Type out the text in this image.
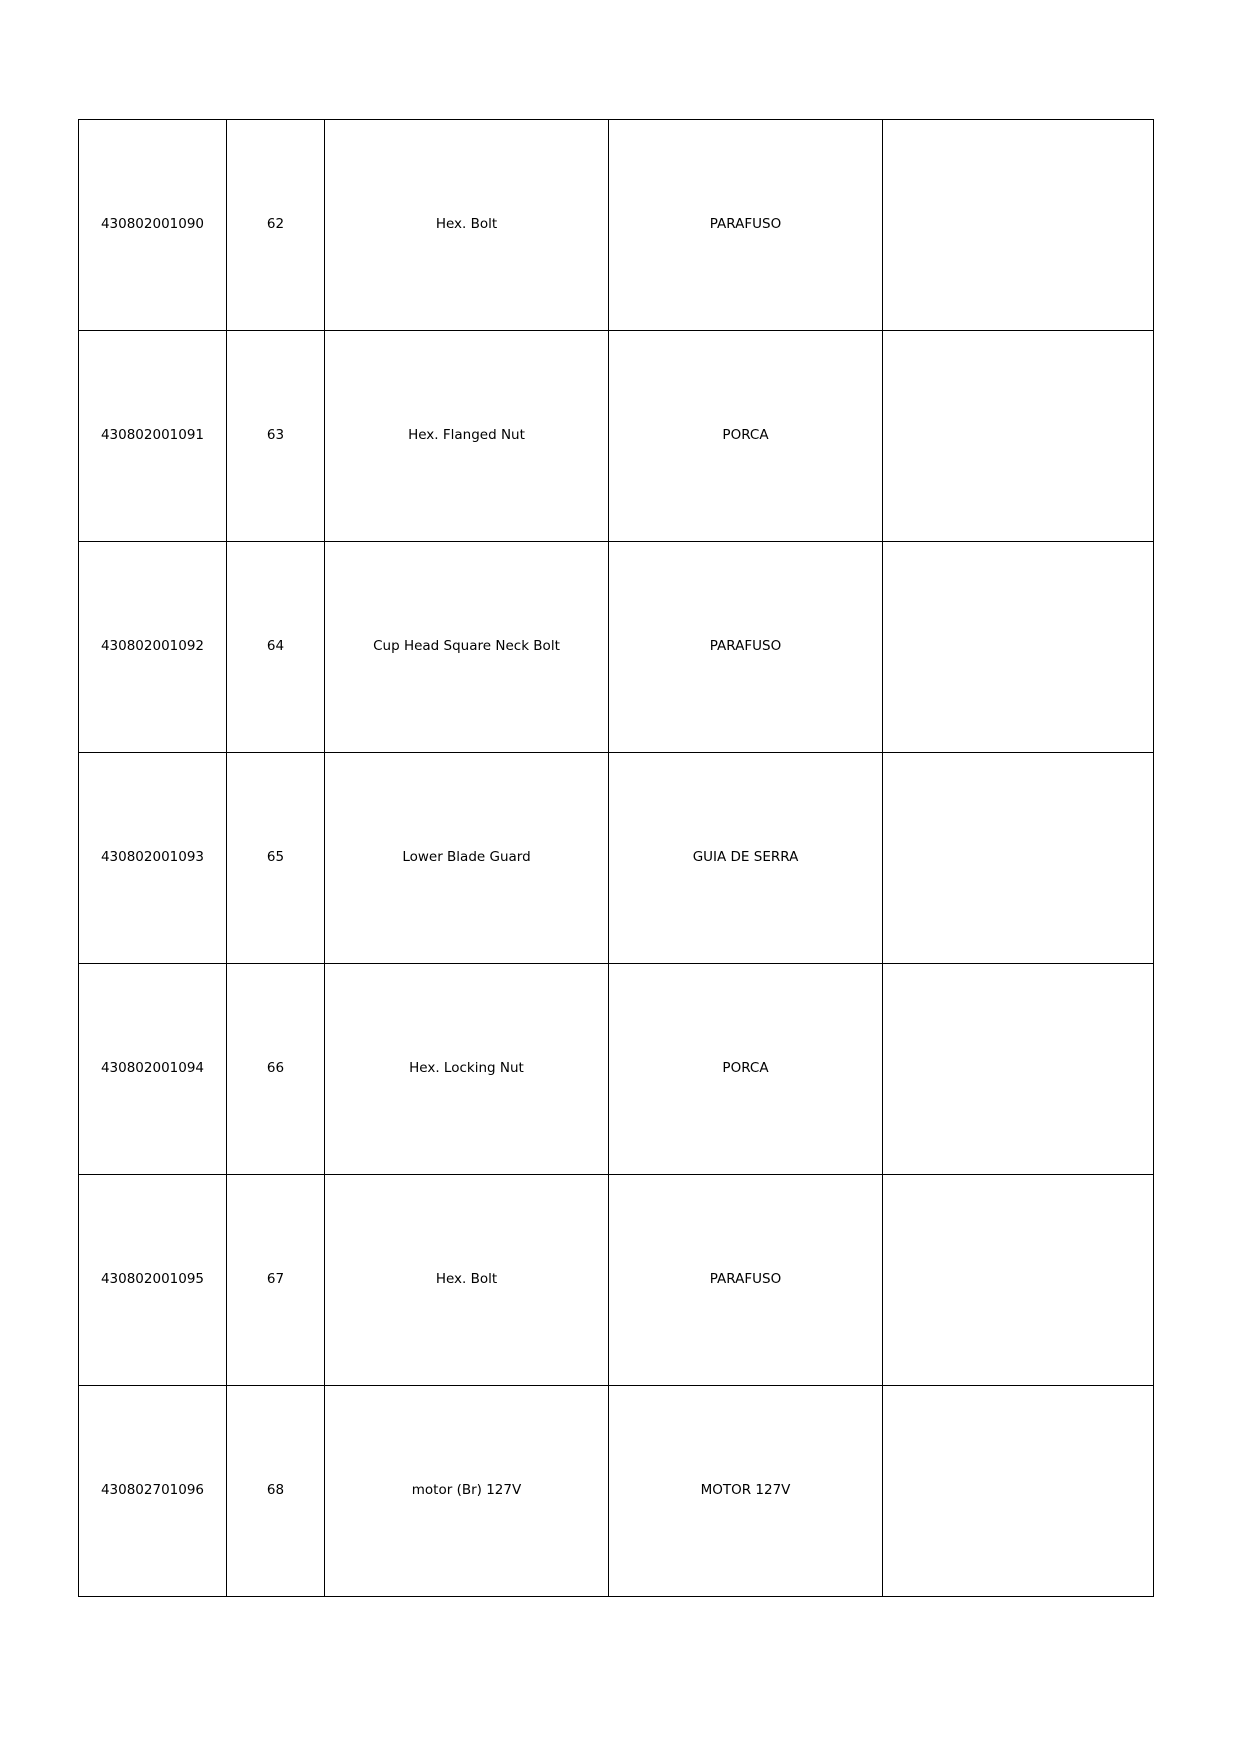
430802001090	62	Hex. Bolt	PARAFUSO	
430802001091	63	Hex. Flanged Nut	PORCA	
430802001092	64	Cup Head Square Neck Bolt	PARAFUSO	
430802001093	65	Lower Blade Guard	GUIA DE SERRA	
430802001094	66	Hex. Locking Nut	PORCA	
430802001095	67	Hex. Bolt	PARAFUSO	
430802701096	68	motor (Br) 127V	MOTOR 127V	
